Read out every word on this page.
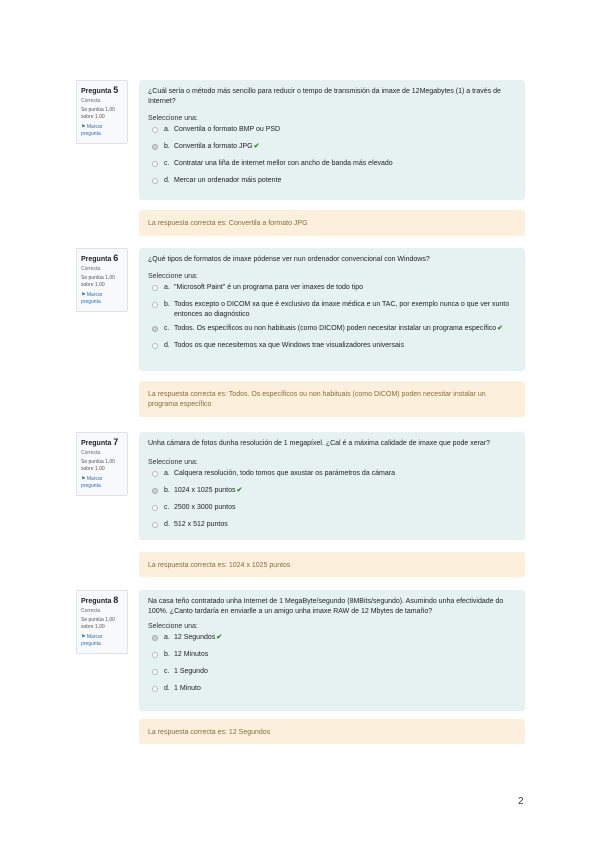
Pregunta 5
Correcta
Se puntúa 1,00 sobre 1,00
⚑ Marcar pregunta
¿Cuál sería o método más sencillo para reducir o tempo de transmisión da imaxe de 12Megabytes (1) a través de Internet?
Seleccione una:
a. Convertila o formato BMP ou PSD
b. Convertila a formato JPG✔
c. Contratar una liña de internet mellor con ancho de banda más elevado
d. Mercar un ordenador máis potente
La respuesta correcta es: Convertila a formato JPG
Pregunta 6
Correcta
Se puntúa 1,00 sobre 1,00
⚑ Marcar pregunta
¿Qué tipos de formatos de imaxe pódense ver nun ordenador convencional con Windows?
Seleccione una:
a. "Microsoft Paint" é un programa para ver imaxes de todo tipo
b. Todos excepto o DICOM xa que é exclusivo da imaxe médica e un TAC, por exemplo nunca o que ver xunto entonces ao diagnóstico
c. Todos. Os específicos ou non habituais (como DICOM) poden necesitar instalar un programa específico✔
d. Todos os que necesitemos xa que Windows trae visualizadores universais
La respuesta correcta es: Todos. Os específicos ou non habituais (como DICOM) poden necesitar instalar un programa específico
Pregunta 7
Correcta
Se puntúa 1,00 sobre 1,00
⚑ Marcar pregunta
Unha cámara de fotos dunha resolución de 1 megapíxel. ¿Cal é a máxima calidade de imaxe que pode xerar?
Seleccione una:
a. Calquera resolución, todo tomos que axustar os parámetros da cámara
b. 1024 x 1025 puntos✔
c. 2500 x 3000 puntos
d. 512 x 512 puntos
La respuesta correcta es: 1024 x 1025 puntos
Pregunta 8
Correcta
Se puntúa 1,00 sobre 1,00
⚑ Marcar pregunta
Na casa teño contratado unha Internet de 1 MegaByte/segundo (8MBits/segundo). Asumindo unha efectividade do 100%. ¿Canto tardaría en enviarlle a un amigo unha imaxe RAW de 12 Mbytes de tamaño?
Seleccione una:
a. 12 Segundos✔
b. 12 Minutos
c. 1 Segundo
d. 1 Minuto
La respuesta correcta es: 12 Segundos
2
